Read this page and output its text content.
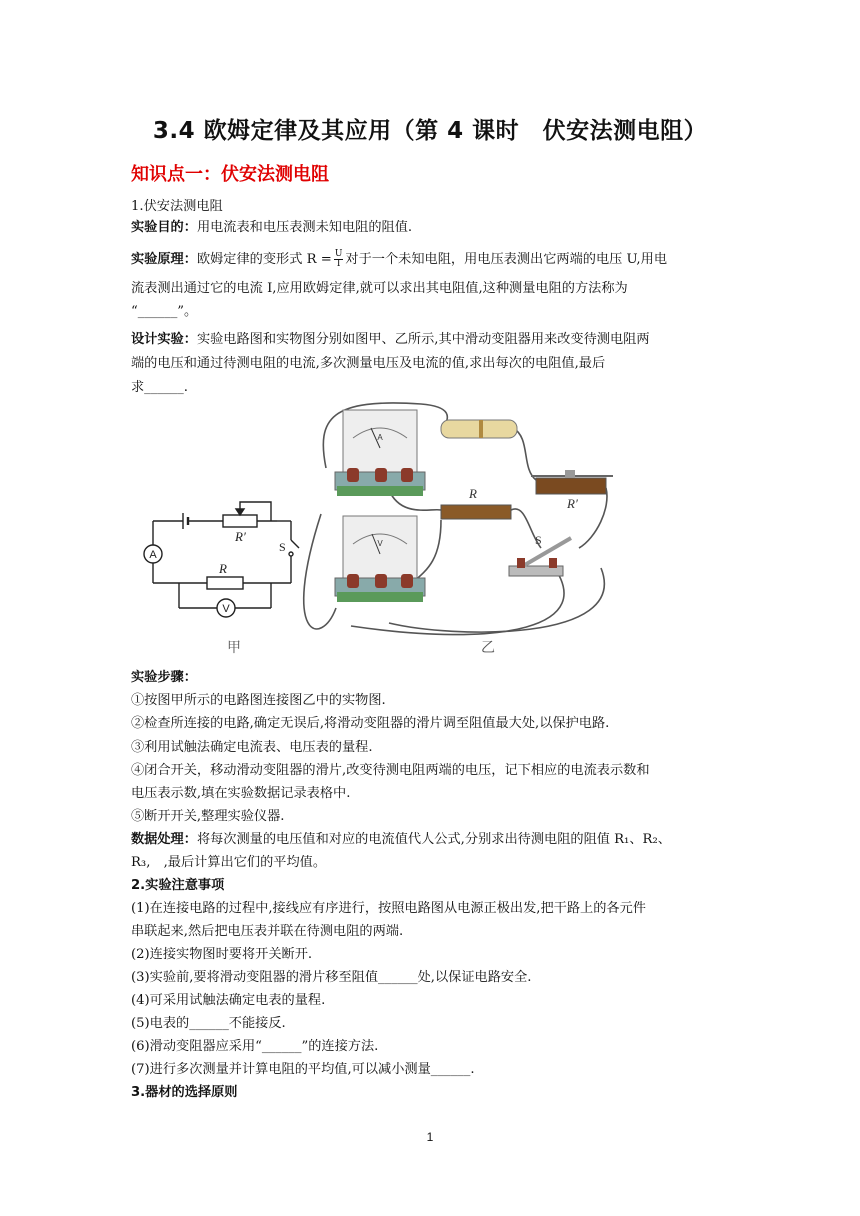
3.4 欧姆定律及其应用（第 4 课时　伏安法测电阻）
知识点一：伏安法测电阻
1.伏安法测电阻
实验目的：用电流表和电压表测未知电阻的阻值.
实验原理：欧姆定律的变形式 $R = \frac{U}{I}$ 对于一个未知电阻，用电压表测出它两端的电压 U,用电
流表测出通过它的电流 I,应用欧姆定律,就可以求出其电阻值,这种测量电阻的方法称为
“______”。
设计实验：实验电路图和实物图分别如图甲、乙所示,其中滑动变阻器用来改变待测电阻两
端的电压和通过待测电阻的电流,多次测量电压及电流的值,求出每次的电阻值,最后
求______.
A
V
R′
R
S
甲
A
V
R′
R
S
乙
实验步骤：
①按图甲所示的电路图连接图乙中的实物图.
②检查所连接的电路,确定无误后,将滑动变阻器的滑片调至阻值最大处,以保护电路.
③利用试触法确定电流表、电压表的量程.
④闭合开关，移动滑动变阻器的滑片,改变待测电阻两端的电压，记下相应的电流表示数和
电压表示数,填在实验数据记录表格中.
⑤断开开关,整理实验仪器.
数据处理：将每次测量的电压值和对应的电流值代人公式,分别求出待测电阻的阻值 R₁、R₂、
R₃,　,最后计算出它们的平均值。
2.实验注意事项
(1)在连接电路的过程中,接线应有序进行，按照电路图从电源正极出发,把干路上的各元件
串联起来,然后把电压表并联在待测电阻的两端.
(2)连接实物图时要将开关断开.
(3)实验前,要将滑动变阻器的滑片移至阻值______处,以保证电路安全.
(4)可采用试触法确定电表的量程.
(5)电表的______不能接反.
(6)滑动变阻器应采用“______”的连接方法.
(7)进行多次测量并计算电阻的平均值,可以减小测量______.
3.器材的选择原则
1
